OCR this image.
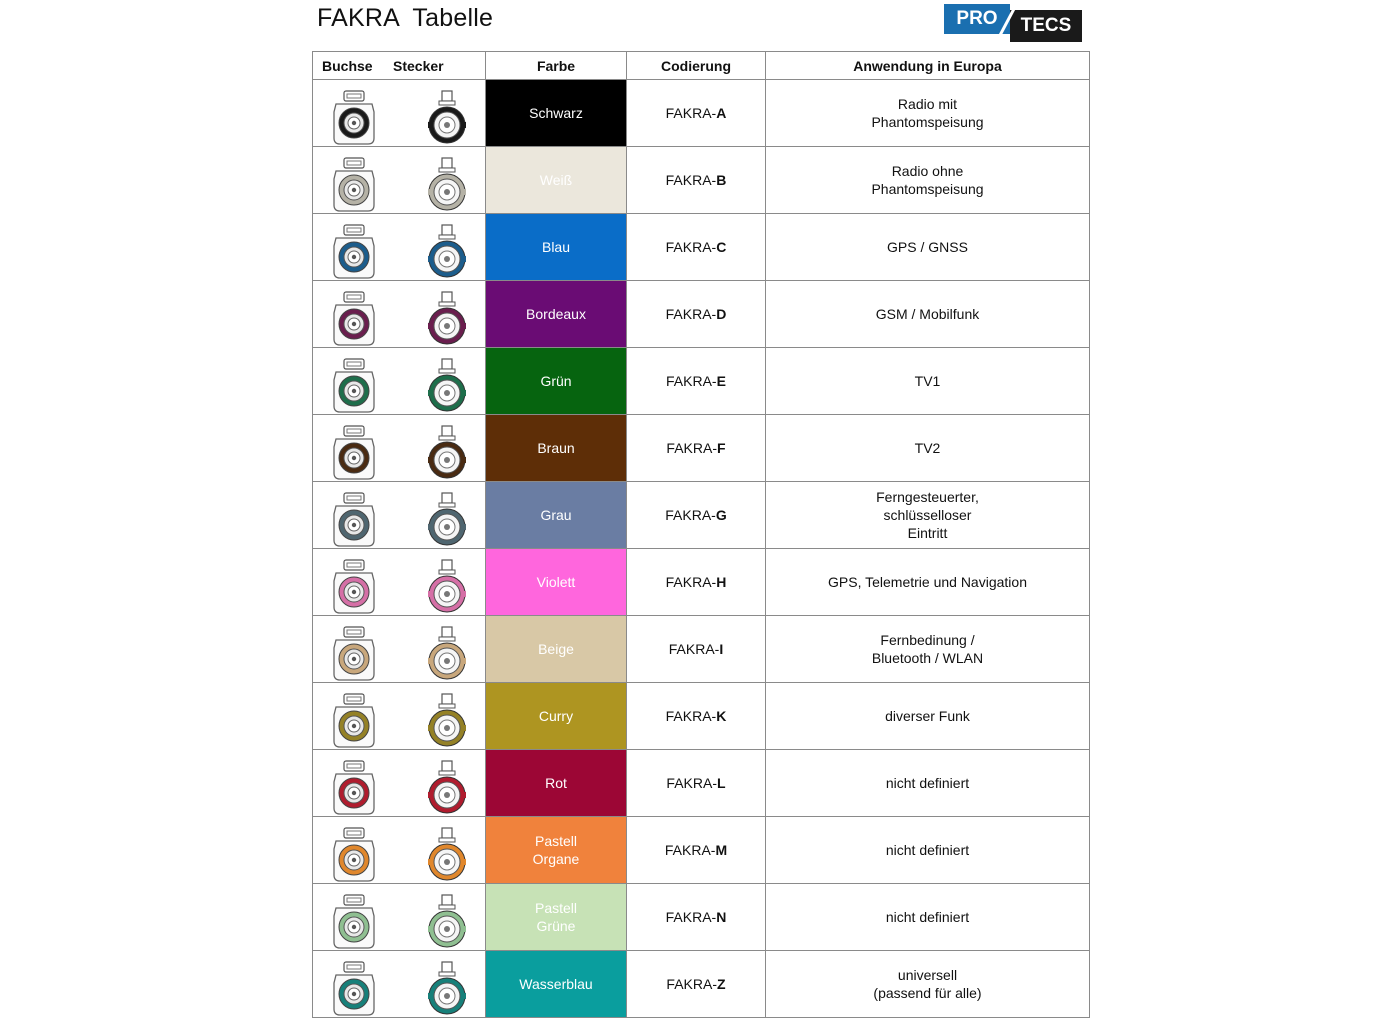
FAKRA  Tabelle	PRO	TECS
Buchse Stecker	Farbe	Codierung	Anwendung in Europa

	Schwarz	FAKRA-A	Radio mit
Phantomspeisung

	Weiß	FAKRA-B	Radio ohne
Phantomspeisung

	Blau	FAKRA-C	GPS / GNSS

	Bordeaux	FAKRA-D	GSM / Mobilfunk

	Grün	FAKRA-E	TV1

	Braun	FAKRA-F	TV2

	Grau	FAKRA-G	Ferngesteuerter,
schlüsselloser
Eintritt

	Violett	FAKRA-H	GPS, Telemetrie und Navigation

	Beige	FAKRA-I	Fernbedinung /
Bluetooth / WLAN

	Curry	FAKRA-K	diverser Funk

	Rot	FAKRA-L	nicht definiert

	Pastell
Organe	FAKRA-M	nicht definiert

	Pastell
Grüne	FAKRA-N	nicht definiert

	Wasserblau	FAKRA-Z	universell
(passend für alle)
